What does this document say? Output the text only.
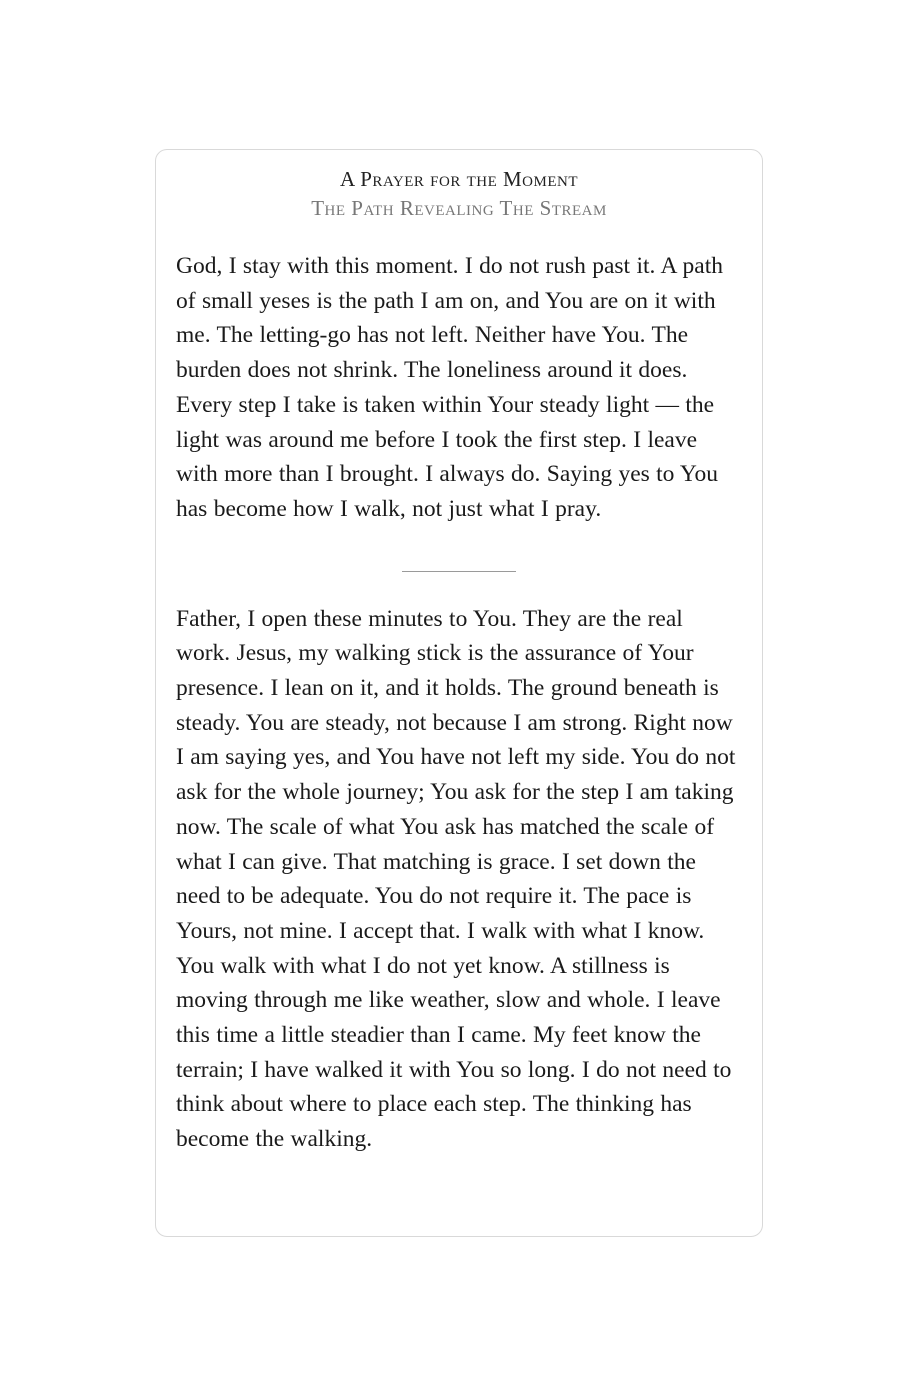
A Prayer for the Moment
The Path Revealing The Stream

God, I stay with this moment. I do not rush past it. A path of small yeses is the path I am on, and You are on it with me. The letting-go has not left. Neither have You. The burden does not shrink. The loneliness around it does. Every step I take is taken within Your steady light — the light was around me before I took the first step. I leave with more than I brought. I always do. Saying yes to You has become how I walk, not just what I pray.

Father, I open these minutes to You. They are the real work. Jesus, my walking stick is the assurance of Your presence. I lean on it, and it holds. The ground beneath is steady. You are steady, not because I am strong. Right now I am saying yes, and You have not left my side. You do not ask for the whole journey; You ask for the step I am taking now. The scale of what You ask has matched the scale of what I can give. That matching is grace. I set down the need to be adequate. You do not require it. The pace is Yours, not mine. I accept that. I walk with what I know. You walk with what I do not yet know. A stillness is moving through me like weather, slow and whole. I leave this time a little steadier than I came. My feet know the terrain; I have walked it with You so long. I do not need to think about where to place each step. The thinking has become the walking.
